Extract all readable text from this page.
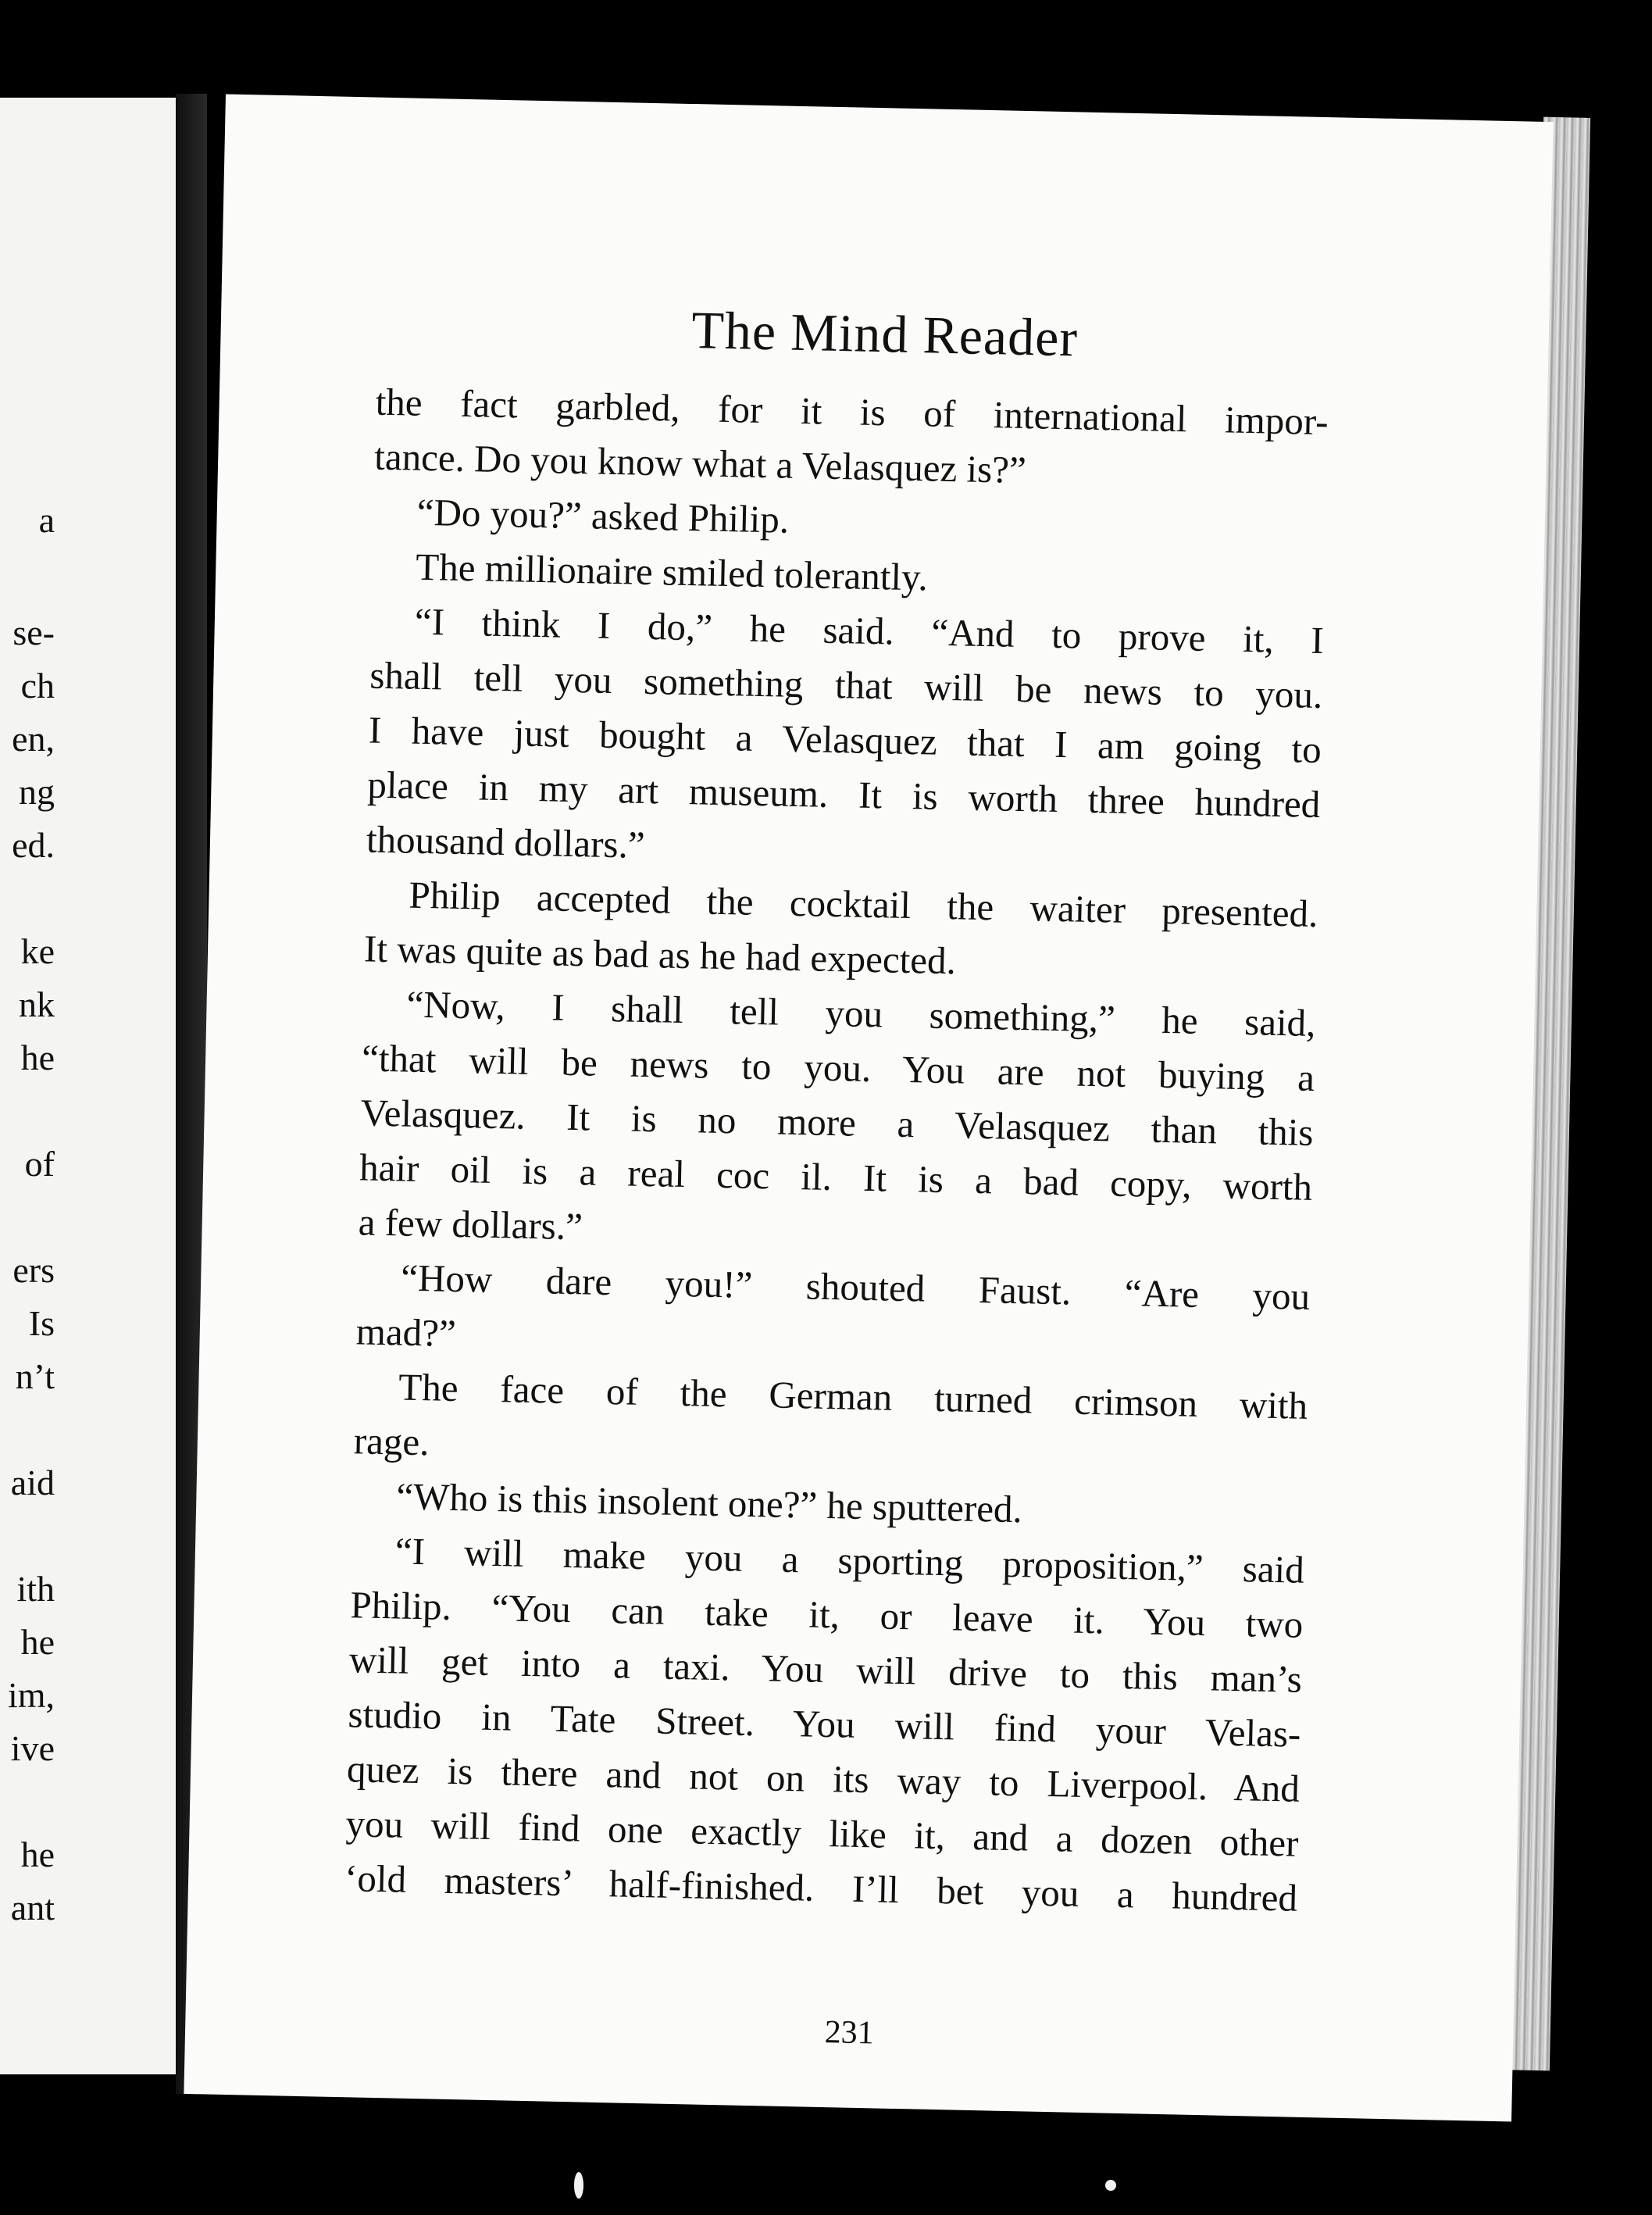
a
se-
ch
en,
ng
ed.
ke
nk
he
of
ers
Is
n’t
aid
ith
he
im,
ive
he
ant
The Mind Reader
the fact garbled, for it is of international impor-
tance. Do you know what a Velasquez is?”
“Do you?” asked Philip.
The millionaire smiled tolerantly.
“I think I do,” he said. “And to prove it, I
shall tell you something that will be news to you.
I have just bought a Velasquez that I am going to
place in my art museum. It is worth three hundred
thousand dollars.”
Philip accepted the cocktail the waiter presented.
It was quite as bad as he had expected.
“Now, I shall tell you something,” he said,
“that will be news to you. You are not buying a
Velasquez. It is no more a Velasquez than this
hair oil is a real coc il. It is a bad copy, worth
a few dollars.”
“How dare you!” shouted Faust. “Are you
mad?”
The face of the German turned crimson with
rage.
“Who is this insolent one?” he sputtered.
“I will make you a sporting proposition,” said
Philip. “You can take it, or leave it. You two
will get into a taxi. You will drive to this man’s
studio in Tate Street. You will find your Velas-
quez is there and not on its way to Liverpool. And
you will find one exactly like it, and a dozen other
‘old masters’ half-finished. I’ll bet you a hundred
231
